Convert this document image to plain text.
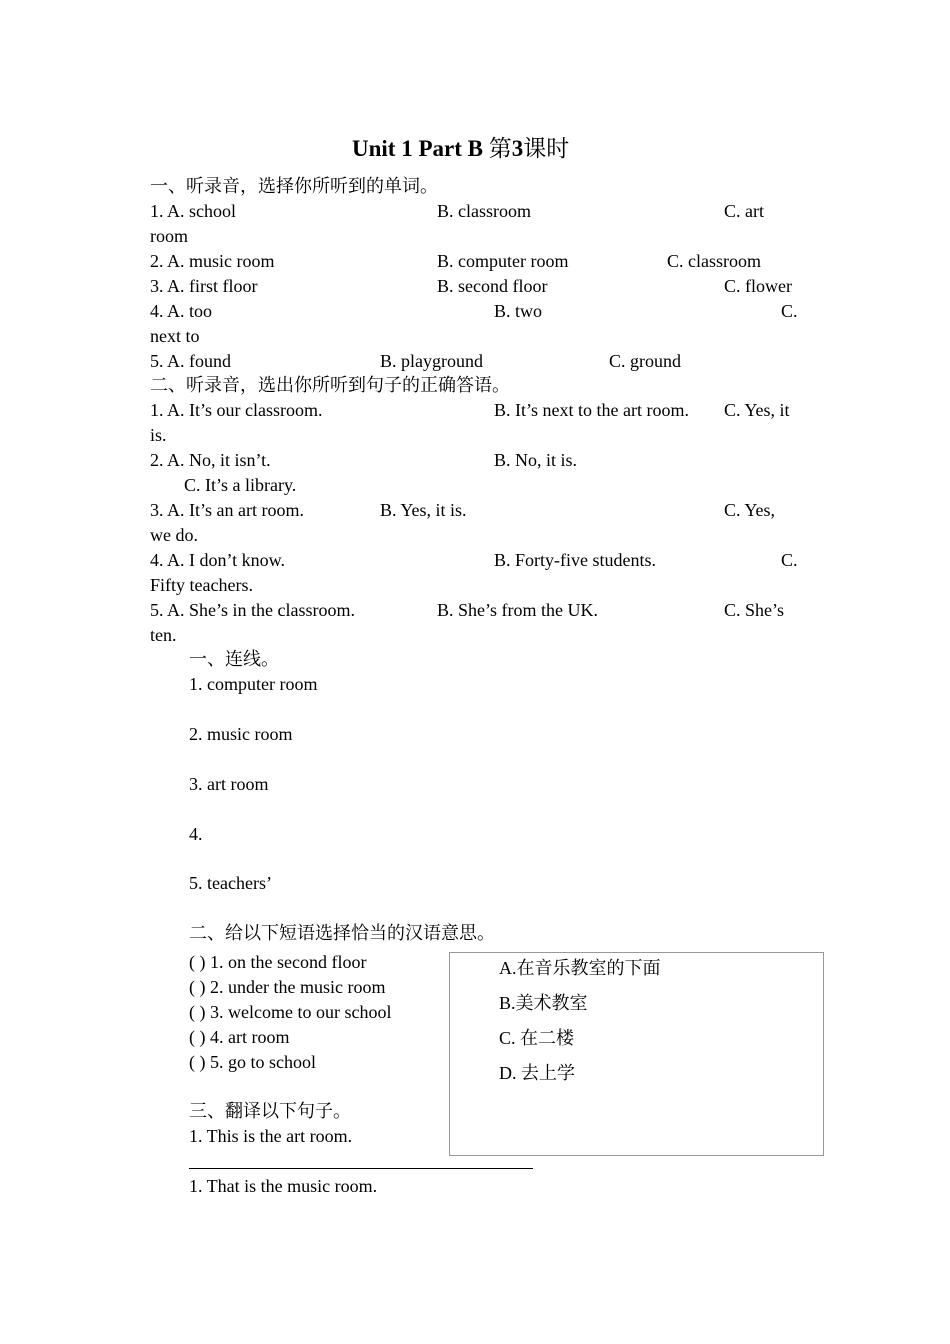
Unit 1 Part B 第3课时
一、听录音，选择你所听到的单词。
1. A. school	B. classroom	C. art
room
2. A. music room	B. computer room	C. classroom
3. A. first floor	B. second floor	C. flower
4. A. too	B. two	C.
next to
5. A. found	B. playground	C. ground
二、听录音，选出你所听到句子的正确答语。
1. A. It’s our classroom.	B. It’s next to the art room. C. Yes, it
is.
2. A. No, it isn’t.	B. No, it is.
C. It’s a library.
3. A. It’s an art room.	B. Yes, it is.	C. Yes,
we do.
4. A. I don’t know.	B. Forty-five students.	C.
Fifty teachers.
5. A. She’s in the classroom.	B. She’s from the UK.	C. She’s
ten.
一、连线。
1. computer room
2. music room
3. art room
4.
5. teachers’
二、给以下短语选择恰当的汉语意思。
( ) 1. on the second floor
( ) 2. under the music room
( ) 3. welcome to our school
( ) 4. art room
( ) 5. go to school
A.在音乐教室的下面
B.美术教室
C. 在二楼
D. 去上学
三、翻译以下句子。
1. This is the art room.
1. That is the music room.
